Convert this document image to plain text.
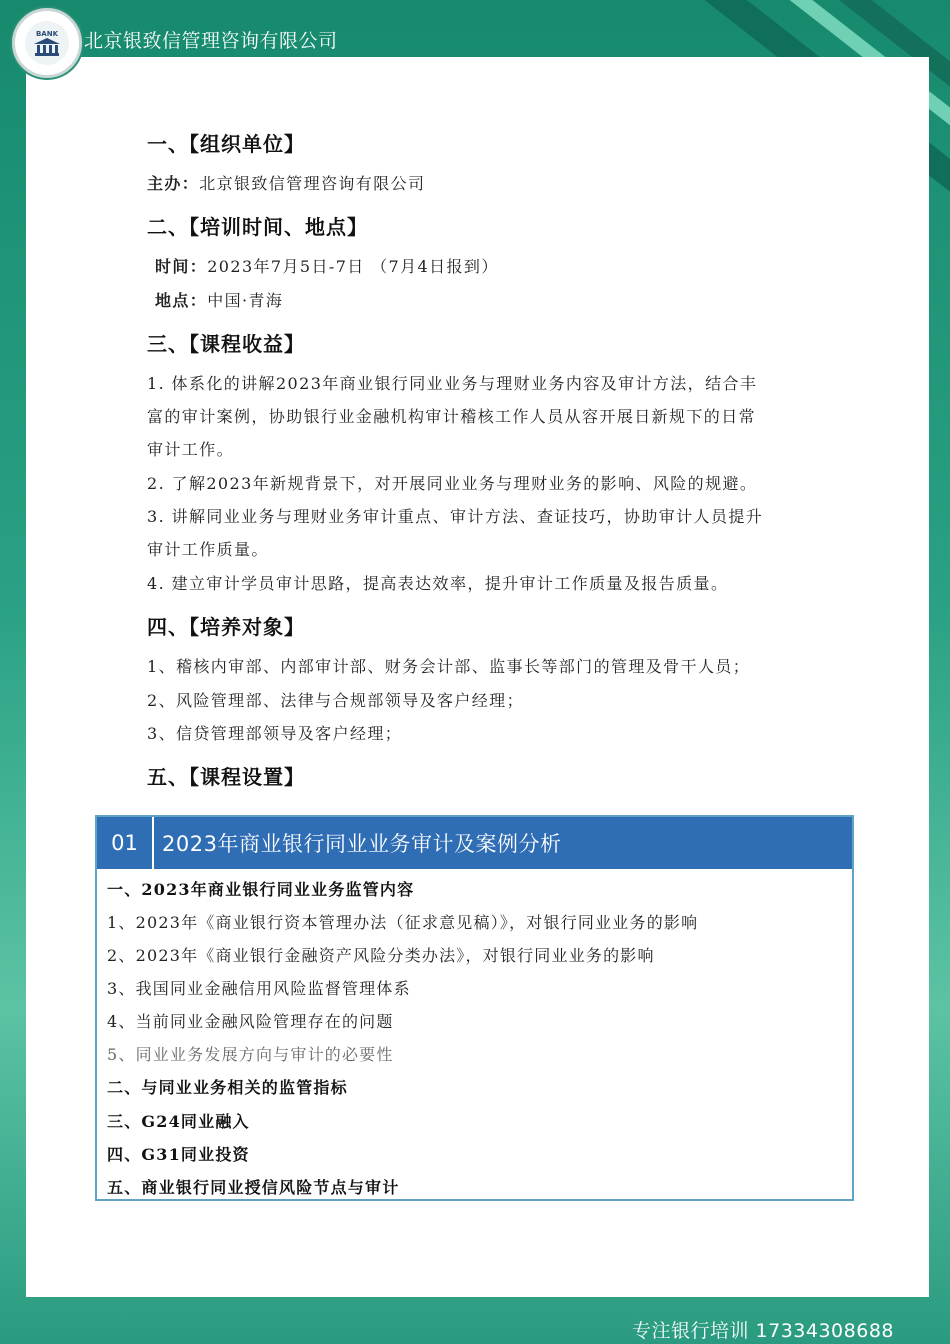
BANK 北京银致信管理咨询有限公司
一、【组织单位】
主办：北京银致信管理咨询有限公司
二、【培训时间、地点】
时间：2023年7月5日-7日 （7月4日报到）
地点：中国·青海
三、【课程收益】
1. 体系化的讲解2023年商业银行同业业务与理财业务内容及审计方法，结合丰
富的审计案例，协助银行业金融机构审计稽核工作人员从容开展日新规下的日常
审计工作。
2. 了解2023年新规背景下，对开展同业业务与理财业务的影响、风险的规避。
3. 讲解同业业务与理财业务审计重点、审计方法、查证技巧，协助审计人员提升
审计工作质量。
4. 建立审计学员审计思路，提高表达效率，提升审计工作质量及报告质量。
四、【培养对象】
1、稽核内审部、内部审计部、财务会计部、监事长等部门的管理及骨干人员；
2、风险管理部、法律与合规部领导及客户经理；
3、信贷管理部领导及客户经理；
五、【课程设置】
01	2023年商业银行同业业务审计及案例分析
一、2023年商业银行同业业务监管内容
1、2023年《商业银行资本管理办法（征求意见稿）》，对银行同业业务的影响
2、2023年《商业银行金融资产风险分类办法》，对银行同业业务的影响
3、我国同业金融信用风险监督管理体系
4、当前同业金融风险管理存在的问题
5、同业业务发展方向与审计的必要性
二、与同业业务相关的监管指标
三、G24同业融入
四、G31同业投资
五、商业银行同业授信风险节点与审计
专注银行培训 17334308688
